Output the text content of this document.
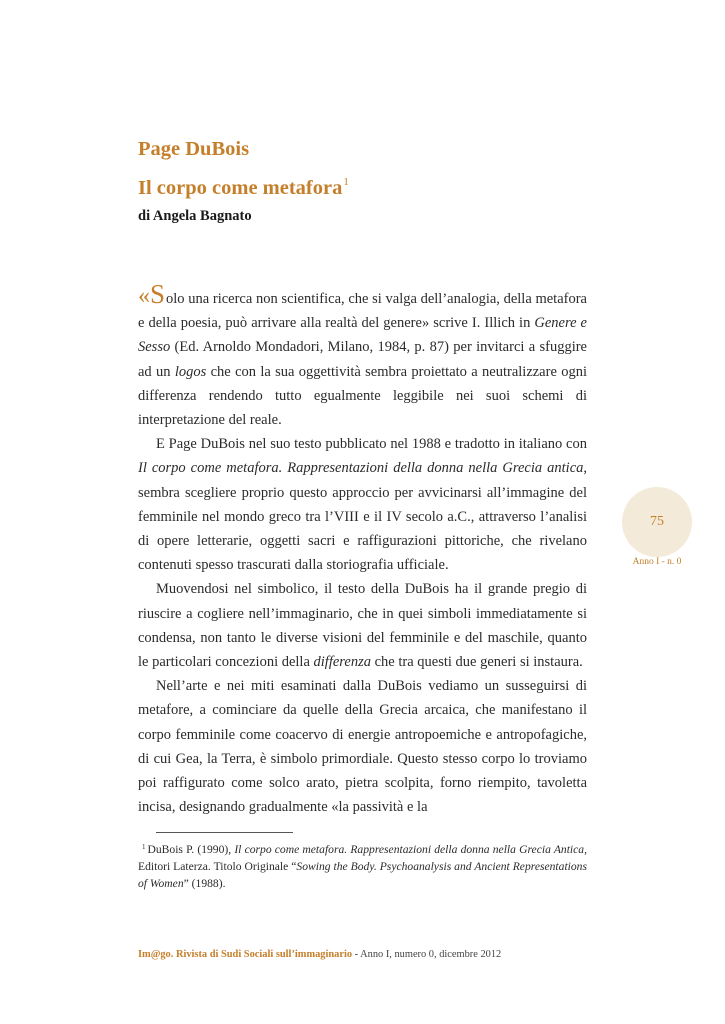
Page DuBois
Il corpo come metafora$^1$
di Angela Bagnato

«Solo una ricerca non scientifica, che si valga dell’analogia, della metafora e della poesia, può arrivare alla realtà del genere» scrive I. Illich in Genere e Sesso (Ed. Arnoldo Mondadori, Milano, 1984, p. 87) per invitarci a sfuggire ad un logos che con la sua oggettività sembra proiettato a neutralizzare ogni differenza rendendo tutto egualmente leggibile nei suoi schemi di interpretazione del reale.

E Page DuBois nel suo testo pubblicato nel 1988 e tradotto in italiano con Il corpo come metafora. Rappresentazioni della donna nella Grecia antica, sembra scegliere proprio questo approccio per avvicinarsi all’immagine del femminile nel mondo greco tra l’VIII e il IV secolo a.C., attraverso l’analisi di opere letterarie, oggetti sacri e raffigurazioni pittoriche, che rivelano contenuti spesso trascurati dalla storiografia ufficiale.

Muovendosi nel simbolico, il testo della DuBois ha il grande pregio di riuscire a cogliere nell’immaginario, che in quei simboli immediatamente si condensa, non tanto le diverse visioni del femminile e del maschile, quanto le particolari concezioni della differenza che tra questi due generi si instaura.

Nell’arte e nei miti esaminati dalla DuBois vediamo un susseguirsi di metafore, a cominciare da quelle della Grecia arcaica, che manifestano il corpo femminile come coacervo di energie antropoemiche e antropofagiche, di cui Gea, la Terra, è simbolo primordiale. Questo stesso corpo lo troviamo poi raffigurato come solco arato, pietra scolpita, forno riempito, tavoletta incisa, designando gradualmente «la passività e la

75
Anno I - n. 0
$^1$ DuBois P. (1990), Il corpo come metafora. Rappresentazioni della donna nella Grecia Antica, Editori Laterza. Titolo Originale “Sowing the Body. Psychoanalysis and Ancient Representations of Women” (1988).
Im@go. Rivista di Sudi Sociali sull’immaginario - Anno I, numero 0, dicembre 2012
